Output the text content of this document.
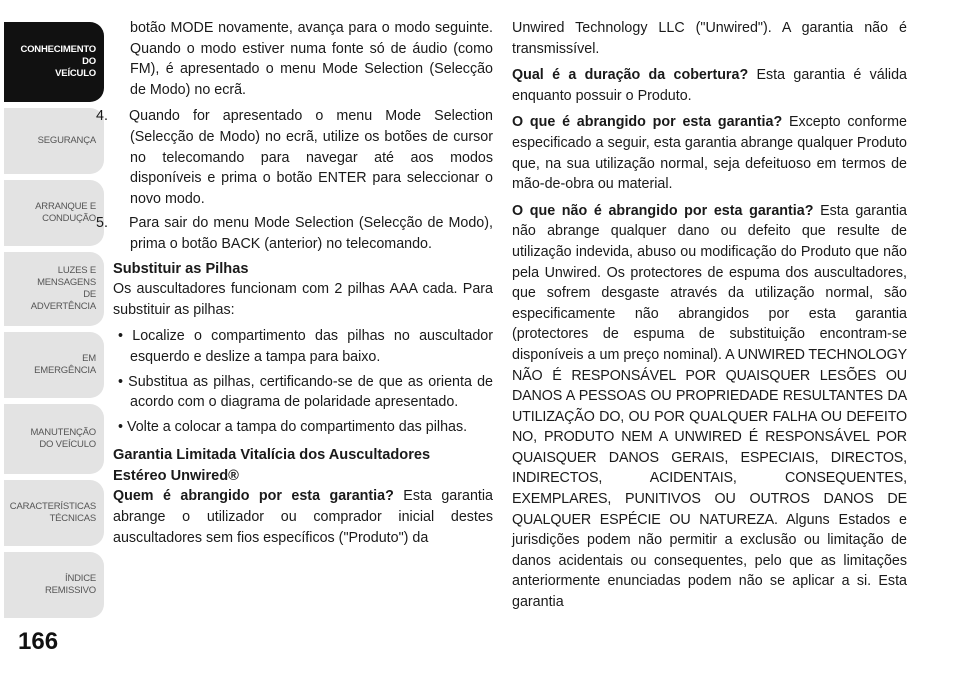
CONHECIMENTO
DO
VEÍCULO
SEGURANÇA
ARRANQUE E
CONDUÇÃO
LUZES E
MENSAGENS
DE
ADVERTÊNCIA
EM
EMERGÊNCIA
MANUTENÇÃO
DO VEÍCULO
CARACTERÍSTICAS
TÉCNICAS
ÍNDICE
REMISSIVO
166

botão MODE novamente, avança para o modo seguinte. Quando o modo estiver numa fonte só de áudio (como FM), é apresentado o menu Mode Selection (Selecção de Modo) no ecrã.

4. Quando for apresentado o menu Mode Selection (Selecção de Modo) no ecrã, utilize os botões de cursor no telecomando para navegar até aos modos disponíveis e prima o botão ENTER para seleccionar o novo modo.
5. Para sair do menu Mode Selection (Selecção de Modo), prima o botão BACK (anterior) no telecomando.
Substituir as Pilhas

Os auscultadores funcionam com 2 pilhas AAA cada. Para substituir as pilhas:

• Localize o compartimento das pilhas no auscultador esquerdo e deslize a tampa para baixo.

• Substitua as pilhas, certificando-se de que as orienta de acordo com o diagrama de polaridade apresentado.

• Volte a colocar a tampa do compartimento das pilhas.

Garantia Limitada Vitalícia dos Auscultadores
Estéreo Unwired®

Quem é abrangido por esta garantia? Esta garantia abrange o utilizador ou comprador inicial destes auscultadores sem fios específicos ("Produto") da

Unwired Technology LLC ("Unwired"). A garantia não é transmissível.

Qual é a duração da cobertura? Esta garantia é válida enquanto possuir o Produto.

O que é abrangido por esta garantia? Excepto conforme especificado a seguir, esta garantia abrange qualquer Produto que, na sua utilização normal, seja defeituoso em termos de mão-de-obra ou material.

O que não é abrangido por esta garantia? Esta garantia não abrange qualquer dano ou defeito que resulte de utilização indevida, abuso ou modificação do Produto que não pela Unwired. Os protectores de espuma dos auscultadores, que sofrem desgaste através da utilização normal, são especificamente não abrangidos por esta garantia (protectores de espuma de substituição encontram-se disponíveis a um preço nominal). A UNWIRED TECHNOLOGY NÃO É RESPONSÁVEL POR QUAISQUER LESÕES OU DANOS A PESSOAS OU PROPRIEDADE RESULTANTES DA UTILIZAÇÃO DO, OU POR QUALQUER FALHA OU DEFEITO NO, PRODUTO NEM A UNWIRED É RESPONSÁVEL POR QUAISQUER DANOS GERAIS, ESPECIAIS, DIRECTOS, INDIRECTOS, ACIDENTAIS, CONSEQUENTES, EXEMPLARES, PUNITIVOS OU OUTROS DANOS DE QUALQUER ESPÉCIE OU NATUREZA. Alguns Estados e jurisdições podem não permitir a exclusão ou limitação de danos acidentais ou consequentes, pelo que as limitações anteriormente enunciadas podem não se aplicar a si. Esta garantia
